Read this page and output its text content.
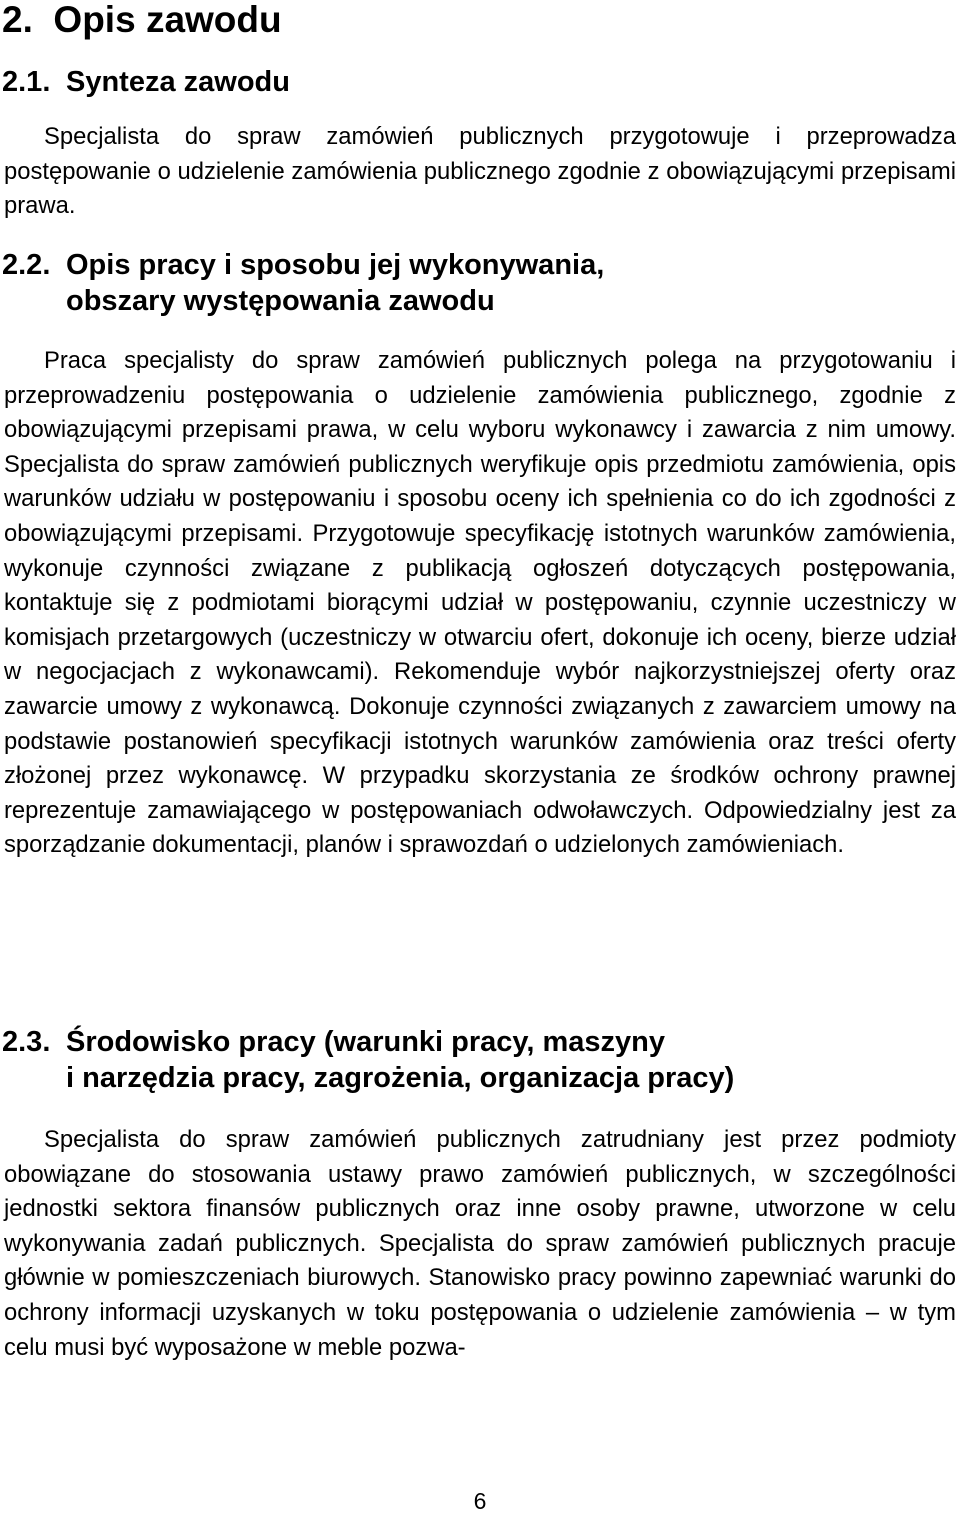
2. Opis zawodu
2.1. Synteza zawodu

Specjalista do spraw zamówień publicznych przygotowuje i przeprowadza postępowanie o udzielenie zamówienia publicznego zgodnie z obowiązującymi przepisami prawa.

2.2. Opis pracy i sposobu jej wykonywania,
obszary występowania zawodu

Praca specjalisty do spraw zamówień publicznych polega na przygotowaniu i przeprowadzeniu postępowania o udzielenie zamówienia publicznego, zgodnie z obowiązującymi przepisami prawa, w celu wyboru wykonawcy i zawarcia z nim umowy. Specjalista do spraw zamówień publicznych weryfikuje opis przedmiotu zamówienia, opis warunków udziału w postępowaniu i sposobu oceny ich spełnienia co do ich zgodności z obowiązującymi przepisami. Przygotowuje specyfikację istotnych warunków zamówienia, wykonuje czynności związane z publikacją ogłoszeń dotyczących postępowania, kontaktuje się z podmiotami biorącymi udział w postępowaniu, czynnie uczestniczy w komisjach przetargowych (uczestniczy w otwarciu ofert, dokonuje ich oceny, bierze udział w negocjacjach z wykonawcami). Rekomenduje wybór najkorzystniejszej oferty oraz zawarcie umowy z wykonawcą. Dokonuje czynności związanych z zawarciem umowy na podstawie postanowień specyfikacji istotnych warunków zamówienia oraz treści oferty złożonej przez wykonawcę. W przypadku skorzystania ze środków ochrony prawnej reprezentuje zamawiającego w postępowaniach odwoławczych. Odpowiedzialny jest za sporządzanie dokumentacji, planów i sprawozdań o udzielonych zamówieniach.

2.3. Środowisko pracy (warunki pracy, maszyny
i narzędzia pracy, zagrożenia, organizacja pracy)

Specjalista do spraw zamówień publicznych zatrudniany jest przez podmioty obowiązane do stosowania ustawy prawo zamówień publicznych, w szczególności jednostki sektora finansów publicznych oraz inne osoby prawne, utworzone w celu wykonywania zadań publicznych. Specjalista do spraw zamówień publicznych pracuje głównie w pomieszczeniach biurowych. Stanowisko pracy powinno zapewniać warunki do ochrony informacji uzyskanych w toku postępowania o udzielenie zamówienia – w tym celu musi być wyposażone w meble pozwa-

6
